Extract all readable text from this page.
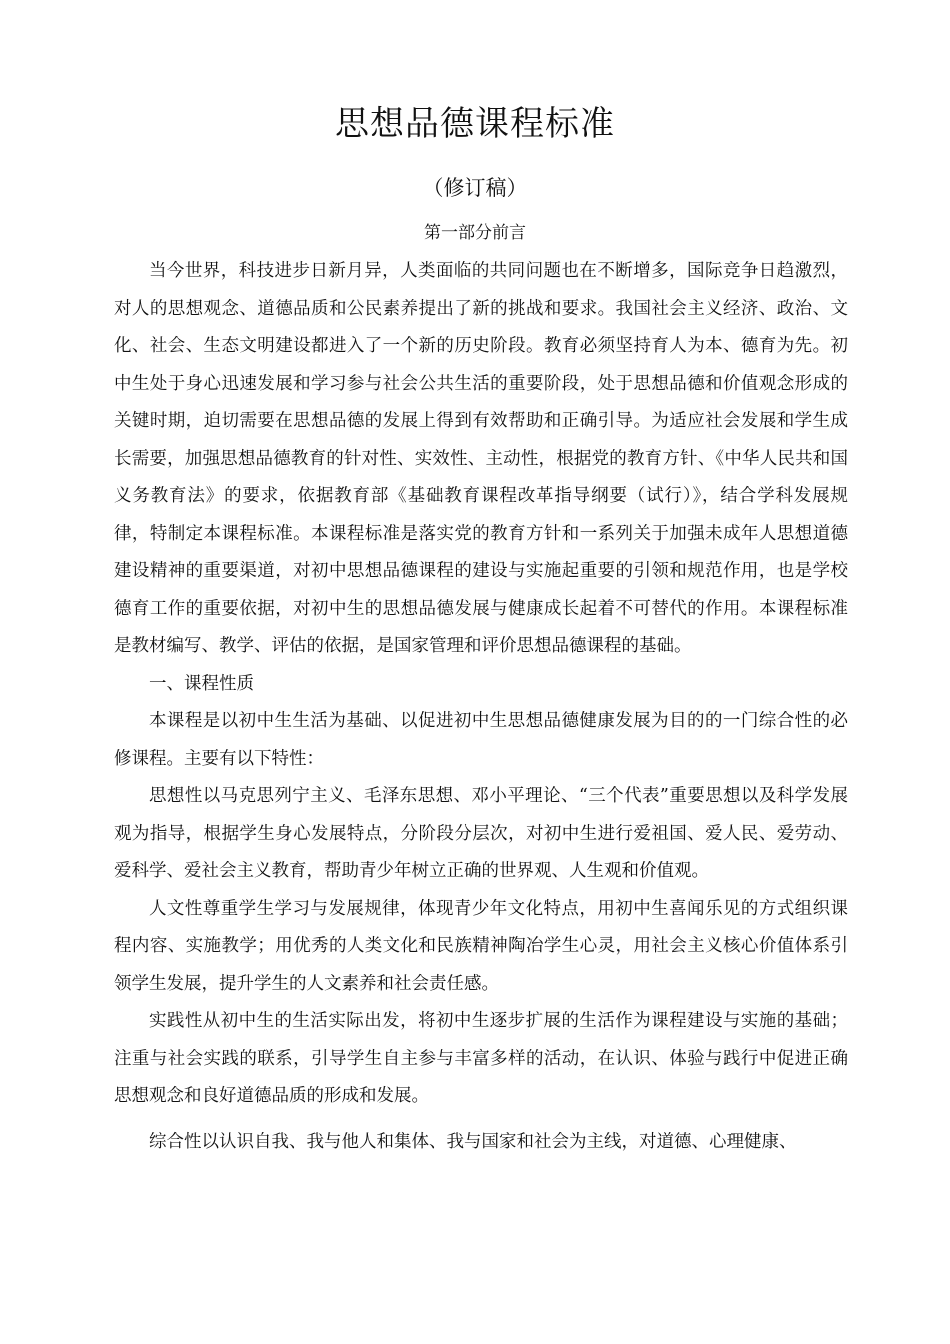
思想品德课程标准
（修订稿）
第一部分前言

当今世界，科技进步日新月异，人类面临的共同问题也在不断增多，国际竞争日趋激烈，对人的思想观念、道德品质和公民素养提出了新的挑战和要求。我国社会主义经济、政治、文化、社会、生态文明建设都进入了一个新的历史阶段。教育必须坚持育人为本、德育为先。初中生处于身心迅速发展和学习参与社会公共生活的重要阶段，处于思想品德和价值观念形成的关键时期，迫切需要在思想品德的发展上得到有效帮助和正确引导。为适应社会发展和学生成长需要，加强思想品德教育的针对性、实效性、主动性，根据党的教育方针、《中华人民共和国义务教育法》的要求，依据教育部《基础教育课程改革指导纲要（试行）》，结合学科发展规律，特制定本课程标准。本课程标准是落实党的教育方针和一系列关于加强未成年人思想道德建设精神的重要渠道，对初中思想品德课程的建设与实施起重要的引领和规范作用，也是学校德育工作的重要依据，对初中生的思想品德发展与健康成长起着不可替代的作用。本课程标准是教材编写、教学、评估的依据，是国家管理和评价思想品德课程的基础。

一、课程性质

本课程是以初中生生活为基础、以促进初中生思想品德健康发展为目的的一门综合性的必修课程。主要有以下特性：

思想性以马克思列宁主义、毛泽东思想、邓小平理论、“三个代表”重要思想以及科学发展观为指导，根据学生身心发展特点，分阶段分层次，对初中生进行爱祖国、爱人民、爱劳动、爱科学、爱社会主义教育，帮助青少年树立正确的世界观、人生观和价值观。

人文性尊重学生学习与发展规律，体现青少年文化特点，用初中生喜闻乐见的方式组织课程内容、实施教学；用优秀的人类文化和民族精神陶冶学生心灵，用社会主义核心价值体系引领学生发展，提升学生的人文素养和社会责任感。

实践性从初中生的生活实际出发，将初中生逐步扩展的生活作为课程建设与实施的基础；注重与社会实践的联系，引导学生自主参与丰富多样的活动，在认识、体验与践行中促进正确思想观念和良好道德品质的形成和发展。

综合性以认识自我、我与他人和集体、我与国家和社会为主线，对道德、心理健康、
